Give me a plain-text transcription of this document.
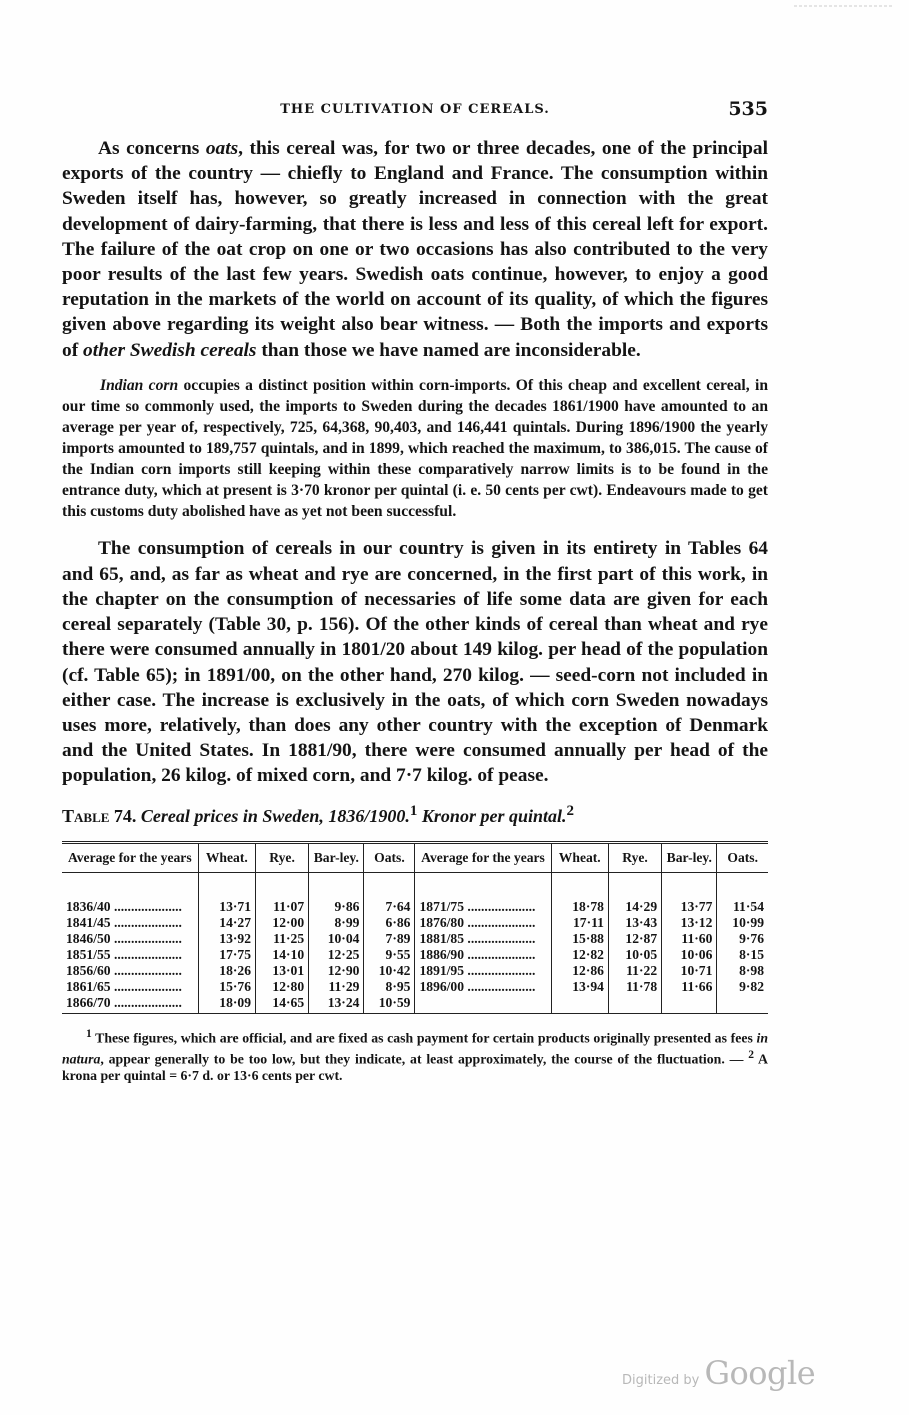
THE CULTIVATION OF CEREALS.	535

As concerns oats, this cereal was, for two or three decades, one of the principal exports of the country — chiefly to England and France. The consumption within Sweden itself has, however, so greatly increased in connection with the great development of dairy-farming, that there is less and less of this cereal left for export. The failure of the oat crop on one or two occasions has also contributed to the very poor results of the last few years. Swedish oats continue, however, to enjoy a good reputation in the markets of the world on account of its quality, of which the figures given above regarding its weight also bear witness. — Both the imports and exports of other Swedish cereals than those we have named are inconsiderable.

Indian corn occupies a distinct position within corn-imports. Of this cheap and excellent cereal, in our time so commonly used, the imports to Sweden during the decades 1861/1900 have amounted to an average per year of, respectively, 725, 64,368, 90,403, and 146,441 quintals. During 1896/1900 the yearly imports amounted to 189,757 quintals, and in 1899, which reached the maximum, to 386,015. The cause of the Indian corn imports still keeping within these comparatively narrow limits is to be found in the entrance duty, which at present is 3·70 kronor per quintal (i. e. 50 cents per cwt). Endeavours made to get this customs duty abolished have as yet not been successful.

The consumption of cereals in our country is given in its entirety in Tables 64 and 65, and, as far as wheat and rye are concerned, in the first part of this work, in the chapter on the consumption of necessaries of life some data are given for each cereal separately (Table 30, p. 156). Of the other kinds of cereal than wheat and rye there were consumed annually in 1801/20 about 149 kilog. per head of the population (cf. Table 65); in 1891/00, on the other hand, 270 kilog. — seed-corn not included in either case. The increase is exclusively in the oats, of which corn Sweden nowadays uses more, relatively, than does any other country with the exception of Denmark and the United States. In 1881/90, there were consumed annually per head of the population, 26 kilog. of mixed corn, and 7·7 kilog. of pease.

Table 74. Cereal prices in Sweden, 1836/1900.$^1$ Kronor per quintal.$^2$
Average for the years	Wheat.	Rye.	Bar-ley.	Oats.	Average for the years	Wheat.	Rye.	Bar-ley.	Oats.
1836/40 .....	13·71	11·07	9·86	7·64	1871/75 .....	18·78	14·29	13·77	11·54
1841/45 .....	14·27	12·00	8·99	6·86	1876/80 .....	17·11	13·43	13·12	10·99
1846/50 .....	13·92	11·25	10·04	7·89	1881/85 .....	15·88	12·87	11·60	9·76
1851/55 .....	17·75	14·10	12·25	9·55	1886/90 .....	12·82	10·05	10·06	8·15
1856/60 .....	18·26	13·01	12·90	10·42	1891/95 .....	12·86	11·22	10·71	8·98
1861/65 .....	15·76	12·80	11·29	8·95	1896/00 .....	13·94	11·78	11·66	9·82
1866/70 .....	18·09	14·65	13·24	10·59					
$^1$ These figures, which are official, and are fixed as cash payment for certain products originally presented as fees in natura, appear generally to be too low, but they indicate, at least approximately, the course of the fluctuation. — $^2$ A krona per quintal = 6·7 d. or 13·6 cents per cwt.
Digitized by Google
